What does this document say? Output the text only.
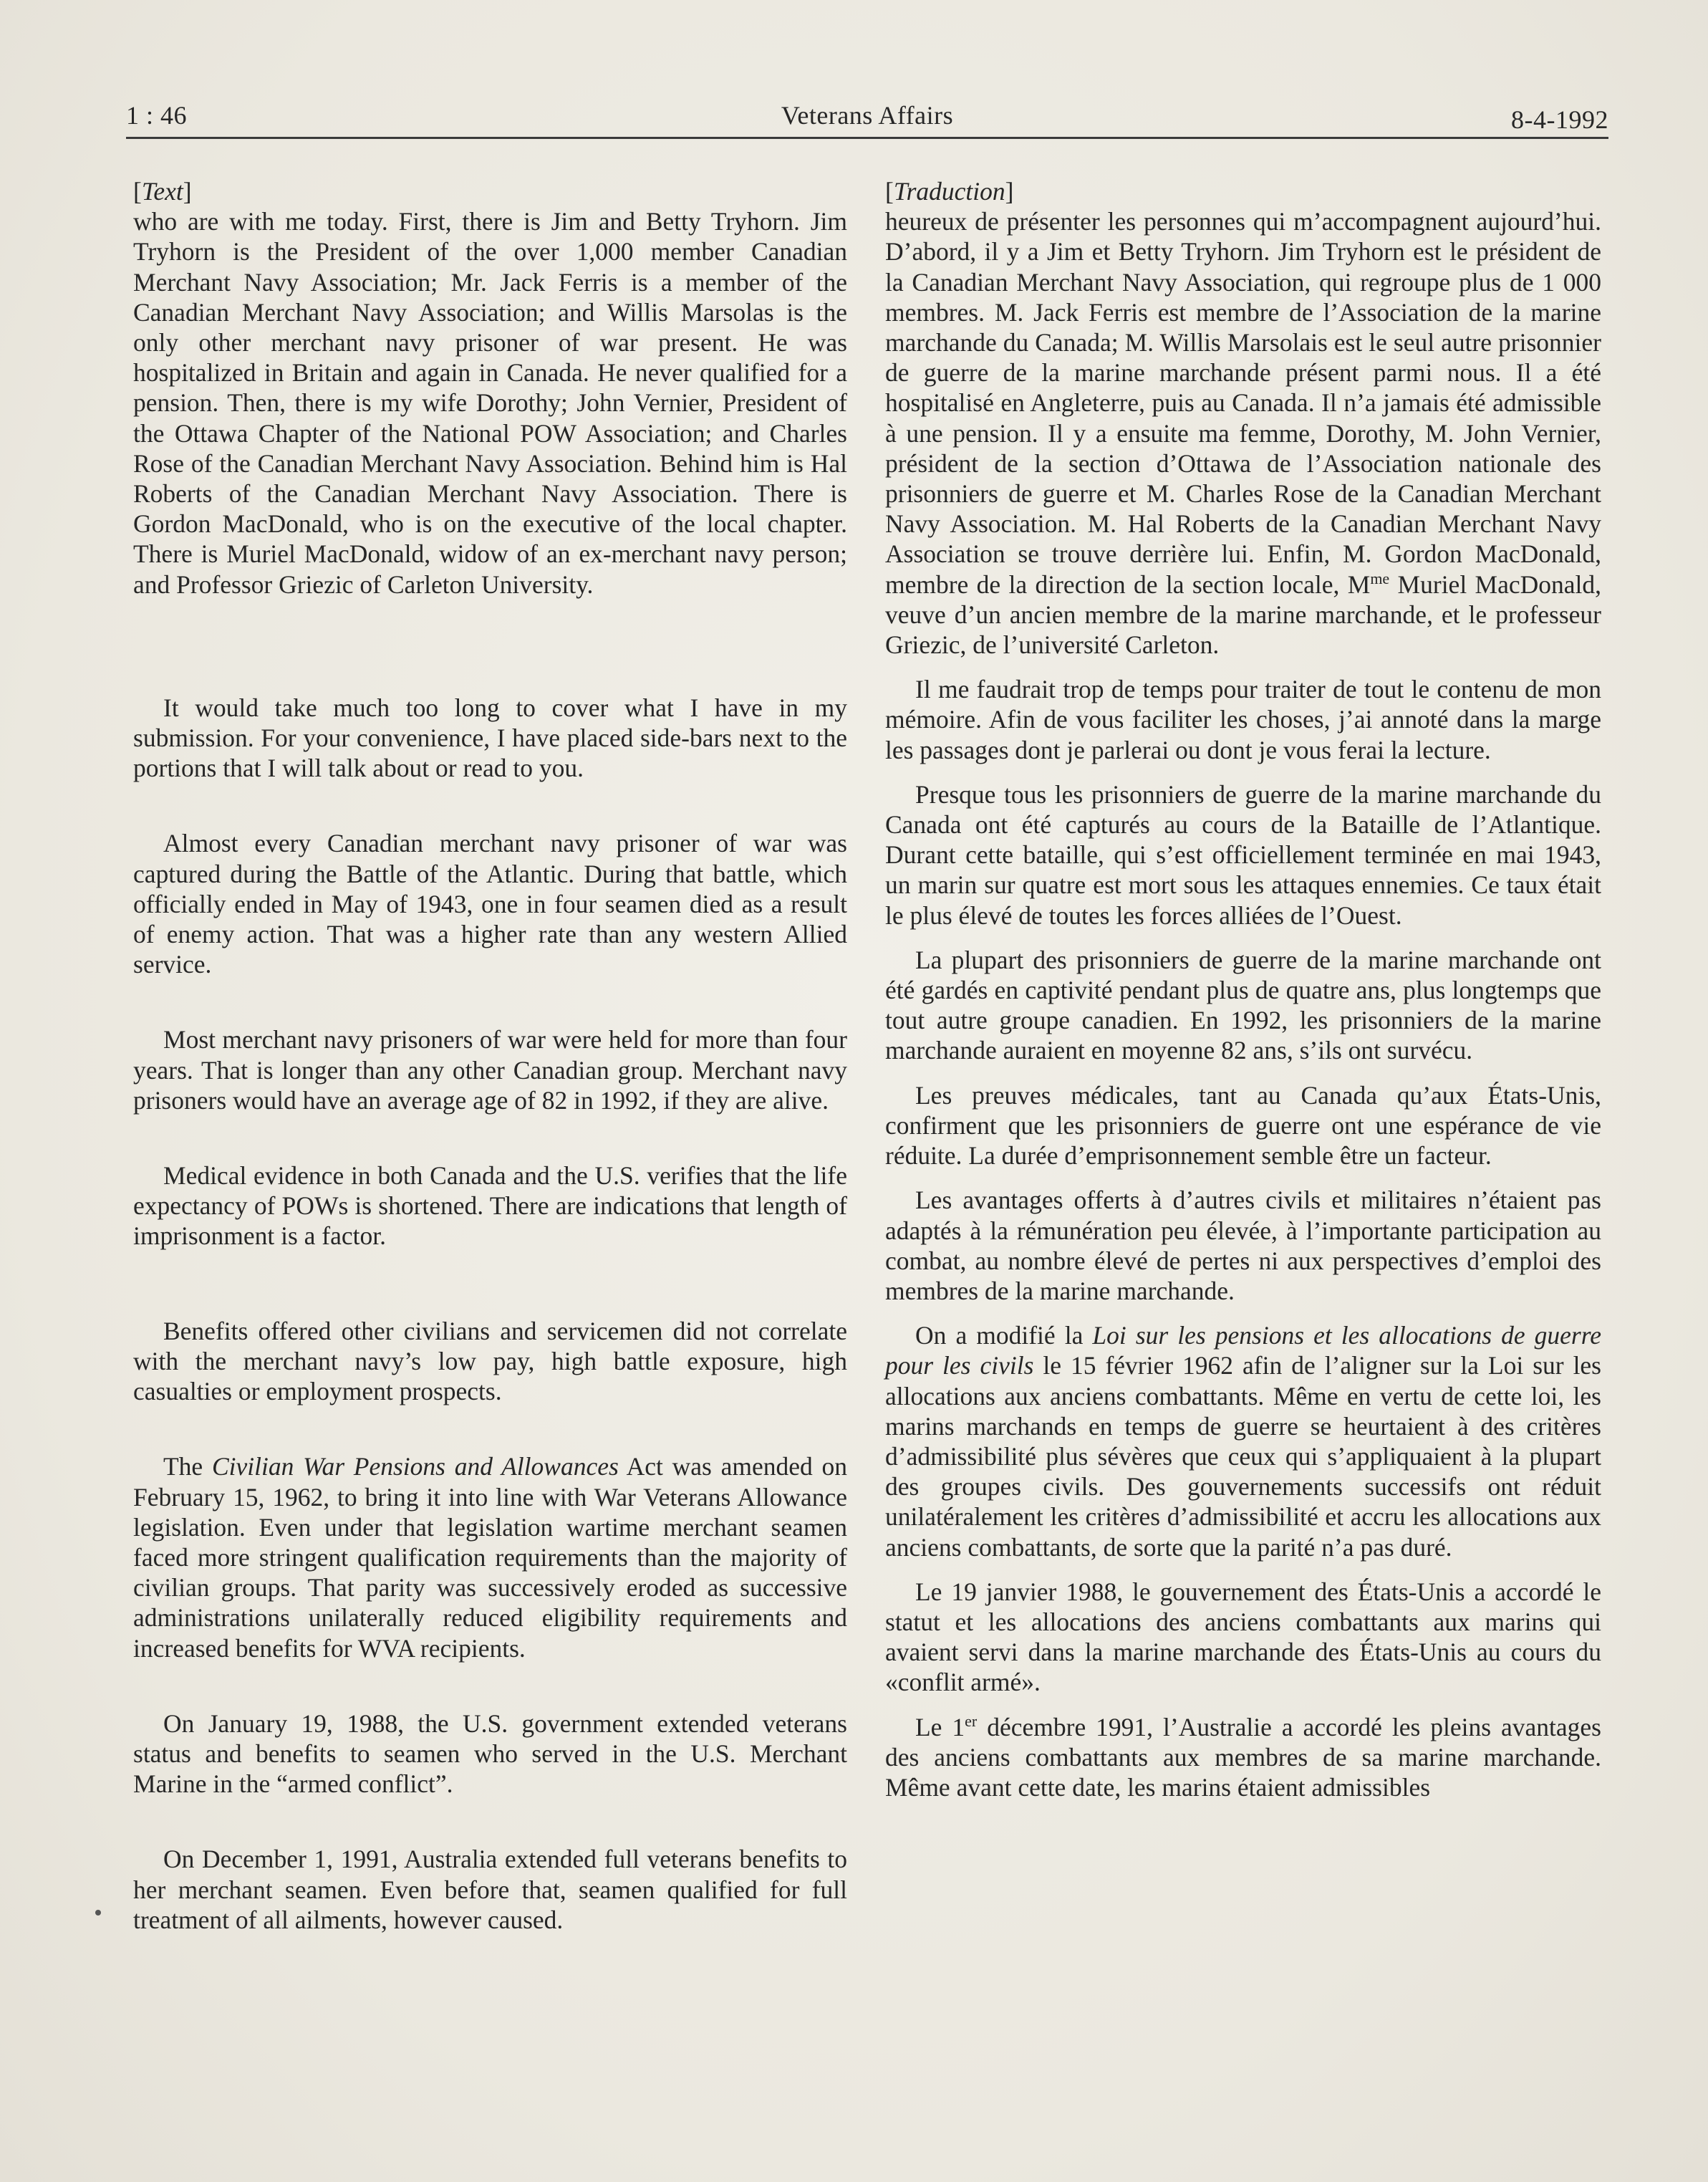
1 : 46	Veterans Affairs	8-4-1992

[Text]

who are with me today. First, there is Jim and Betty Tryhorn. Jim Tryhorn is the President of the over 1,000 member Canadian Merchant Navy Association; Mr. Jack Ferris is a member of the Canadian Merchant Navy Association; and Willis Marsolas is the only other merchant navy prisoner of war present. He was hospitalized in Britain and again in Canada. He never qualified for a pension. Then, there is my wife Dorothy; John Vernier, President of the Ottawa Chapter of the National POW Association; and Charles Rose of the Canadian Merchant Navy Association. Behind him is Hal Roberts of the Canadian Merchant Navy Association. There is Gordon MacDonald, who is on the executive of the local chapter. There is Muriel MacDonald, widow of an ex-merchant navy person; and Professor Griezic of Carleton University.

It would take much too long to cover what I have in my submission. For your convenience, I have placed side-bars next to the portions that I will talk about or read to you.

Almost every Canadian merchant navy prisoner of war was captured during the Battle of the Atlantic. During that battle, which officially ended in May of 1943, one in four seamen died as a result of enemy action. That was a higher rate than any western Allied service.

Most merchant navy prisoners of war were held for more than four years. That is longer than any other Canadian group. Merchant navy prisoners would have an average age of 82 in 1992, if they are alive.

Medical evidence in both Canada and the U.S. verifies that the life expectancy of POWs is shortened. There are indications that length of imprisonment is a factor.

Benefits offered other civilians and servicemen did not correlate with the merchant navy’s low pay, high battle exposure, high casualties or employment prospects.

The Civilian War Pensions and Allowances Act was amended on February 15, 1962, to bring it into line with War Veterans Allowance legislation. Even under that legislation wartime merchant seamen faced more stringent qualification requirements than the majority of civilian groups. That parity was successively eroded as successive administrations unilaterally reduced eligibility requirements and increased benefits for WVA recipients.

On January 19, 1988, the U.S. government extended veterans status and benefits to seamen who served in the U.S. Merchant Marine in the “armed conflict”.

On December 1, 1991, Australia extended full veterans benefits to her merchant seamen. Even before that, seamen qualified for full treatment of all ailments, however caused.

[Traduction]

heureux de présenter les personnes qui m’accompagnent aujourd’hui. D’abord, il y a Jim et Betty Tryhorn. Jim Tryhorn est le président de la Canadian Merchant Navy Association, qui regroupe plus de 1 000 membres. M. Jack Ferris est membre de l’Association de la marine marchande du Canada; M. Willis Marsolais est le seul autre prisonnier de guerre de la marine marchande présent parmi nous. Il a été hospitalisé en Angleterre, puis au Canada. Il n’a jamais été admissible à une pension. Il y a ensuite ma femme, Dorothy, M. John Vernier, président de la section d’Ottawa de l’Association nationale des prisonniers de guerre et M. Charles Rose de la Canadian Merchant Navy Association. M. Hal Roberts de la Canadian Merchant Navy Association se trouve derrière lui. Enfin, M. Gordon MacDonald, membre de la direction de la section locale, $M^{me}$ Muriel MacDonald, veuve d’un ancien membre de la marine marchande, et le professeur Griezic, de l’université Carleton.

Il me faudrait trop de temps pour traiter de tout le contenu de mon mémoire. Afin de vous faciliter les choses, j’ai annoté dans la marge les passages dont je parlerai ou dont je vous ferai la lecture.

Presque tous les prisonniers de guerre de la marine marchande du Canada ont été capturés au cours de la Bataille de l’Atlantique. Durant cette bataille, qui s’est officiellement terminée en mai 1943, un marin sur quatre est mort sous les attaques ennemies. Ce taux était le plus élevé de toutes les forces alliées de l’Ouest.

La plupart des prisonniers de guerre de la marine marchande ont été gardés en captivité pendant plus de quatre ans, plus longtemps que tout autre groupe canadien. En 1992, les prisonniers de la marine marchande auraient en moyenne 82 ans, s’ils ont survécu.

Les preuves médicales, tant au Canada qu’aux États-Unis, confirment que les prisonniers de guerre ont une espérance de vie réduite. La durée d’emprisonnement semble être un facteur.

Les avantages offerts à d’autres civils et militaires n’étaient pas adaptés à la rémunération peu élevée, à l’importante participation au combat, au nombre élevé de pertes ni aux perspectives d’emploi des membres de la marine marchande.

On a modifié la Loi sur les pensions et les allocations de guerre pour les civils le 15 février 1962 afin de l’aligner sur la Loi sur les allocations aux anciens combattants. Même en vertu de cette loi, les marins marchands en temps de guerre se heurtaient à des critères d’admissibilité plus sévères que ceux qui s’appliquaient à la plupart des groupes civils. Des gouvernements successifs ont réduit unilatéralement les critères d’admissibilité et accru les allocations aux anciens combattants, de sorte que la parité n’a pas duré.

Le 19 janvier 1988, le gouvernement des États-Unis a accordé le statut et les allocations des anciens combattants aux marins qui avaient servi dans la marine marchande des États-Unis au cours du «conflit armé».

Le 1er décembre 1991, l’Australie a accordé les pleins avantages des anciens combattants aux membres de sa marine marchande. Même avant cette date, les marins étaient admissibles
